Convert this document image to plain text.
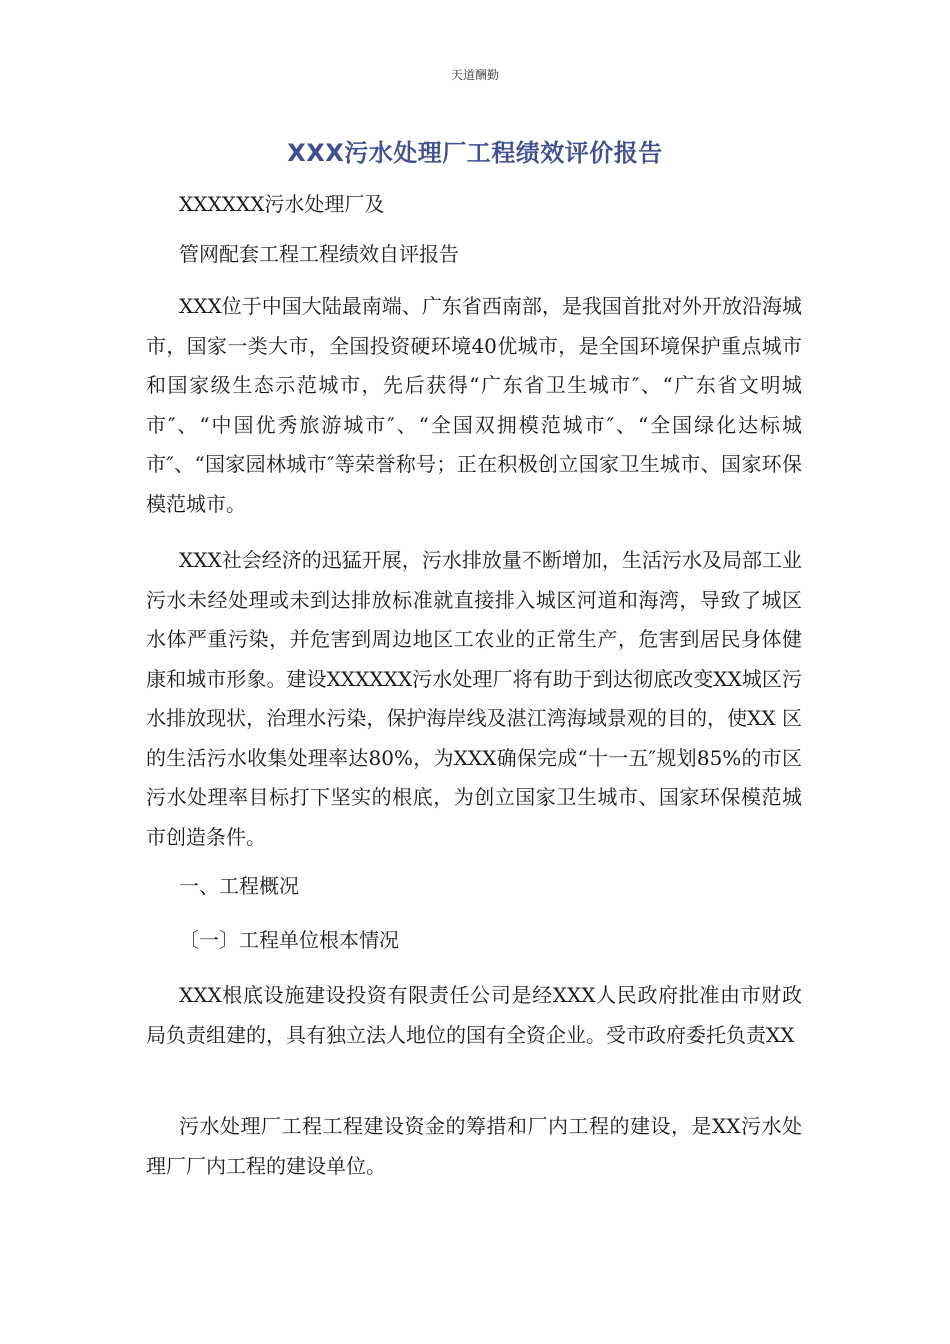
天道酬勤
XXX污水处理厂工程绩效评价报告

XXXXXX污水处理厂及

管网配套工程工程绩效自评报告

XXX位于中国大陆最南端、广东省西南部，是我国首批对外开放沿海城市，国家一类大市，全国投资硬环境40优城市，是全国环境保护重点城市和国家级生态示范城市，先后获得“广东省卫生城市″、“广东省文明城市″、“中国优秀旅游城市″、“全国双拥模范城市″、“全国绿化达标城市″、“国家园林城市″等荣誉称号；正在积极创立国家卫生城市、国家环保模范城市。

XXX社会经济的迅猛开展，污水排放量不断增加，生活污水及局部工业污水未经处理或未到达排放标准就直接排入城区河道和海湾，导致了城区水体严重污染，并危害到周边地区工农业的正常生产，危害到居民身体健康和城市形象。建设XXXXXX污水处理厂将有助于到达彻底改变XX城区污水排放现状，治理水污染，保护海岸线及湛江湾海域景观的目的，使XX 区的生活污水收集处理率达80%，为XXX确保完成“十一五″规划85%的市区污水处理率目标打下坚实的根底，为创立国家卫生城市、国家环保模范城市创造条件。

一、工程概况

〔一〕工程单位根本情况

XXX根底设施建设投资有限责任公司是经XXX人民政府批准由市财政局负责组建的，具有独立法人地位的国有全资企业。受市政府委托负责XX

污水处理厂工程工程建设资金的筹措和厂内工程的建设，是XX污水处理厂厂内工程的建设单位。
